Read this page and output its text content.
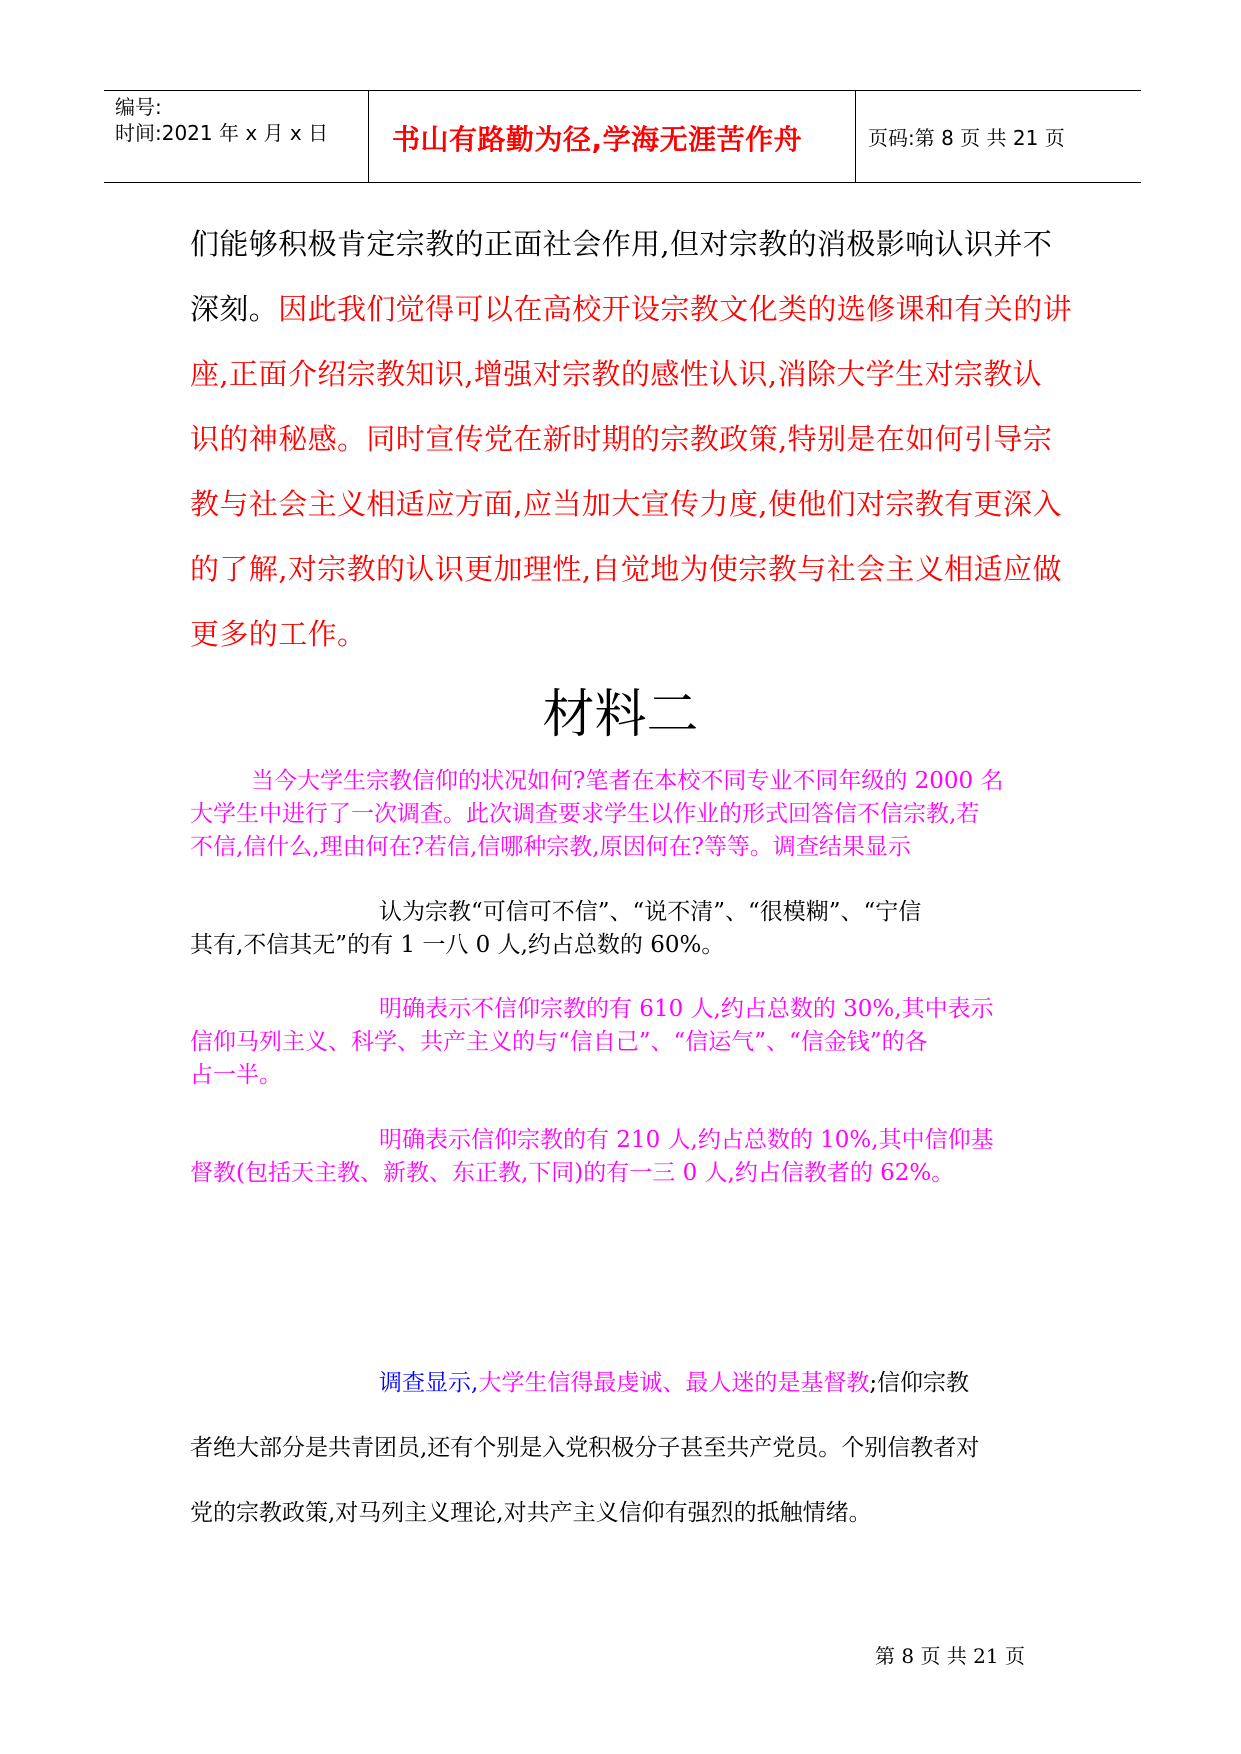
编号:
时间:2021 年 x 月 x 日 书山有路勤为径,学海无涯苦作舟	页码:第 8 页 共 21 页
们能够积极肯定宗教的正面社会作用,但对宗教的消极影响认识并不
深刻。因此我们觉得可以在高校开设宗教文化类的选修课和有关的讲
座,正面介绍宗教知识,增强对宗教的感性认识,消除大学生对宗教认
识的神秘感。同时宣传党在新时期的宗教政策,特别是在如何引导宗
教与社会主义相适应方面,应当加大宣传力度,使他们对宗教有更深入
的了解,对宗教的认识更加理性,自觉地为使宗教与社会主义相适应做
更多的工作。
材料二
当今大学生宗教信仰的状况如何?笔者在本校不同专业不同年级的 2000 名
大学生中进行了一次调查。此次调查要求学生以作业的形式回答信不信宗教,若
不信,信什么,理由何在?若信,信哪种宗教,原因何在?等等。调查结果显示
认为宗教“可信可不信”、“说不清”、“很模糊”、“宁信
其有,不信其无”的有 1 一八 0 人,约占总数的 60%。
明确表示不信仰宗教的有 610 人,约占总数的 30%,其中表示
信仰马列主义、科学、共产主义的与“信自己”、“信运气”、“信金钱”的各
占一半。
明确表示信仰宗教的有 210 人,约占总数的 10%,其中信仰基
督教(包括天主教、新教、东正教,下同)的有一三 0 人,约占信教者的 62%。
调查显示,大学生信得最虔诚、最人迷的是基督教;信仰宗教
者绝大部分是共青团员,还有个别是入党积极分子甚至共产党员。个别信教者对
党的宗教政策,对马列主义理论,对共产主义信仰有强烈的抵触情绪。
第 8 页 共 21 页
